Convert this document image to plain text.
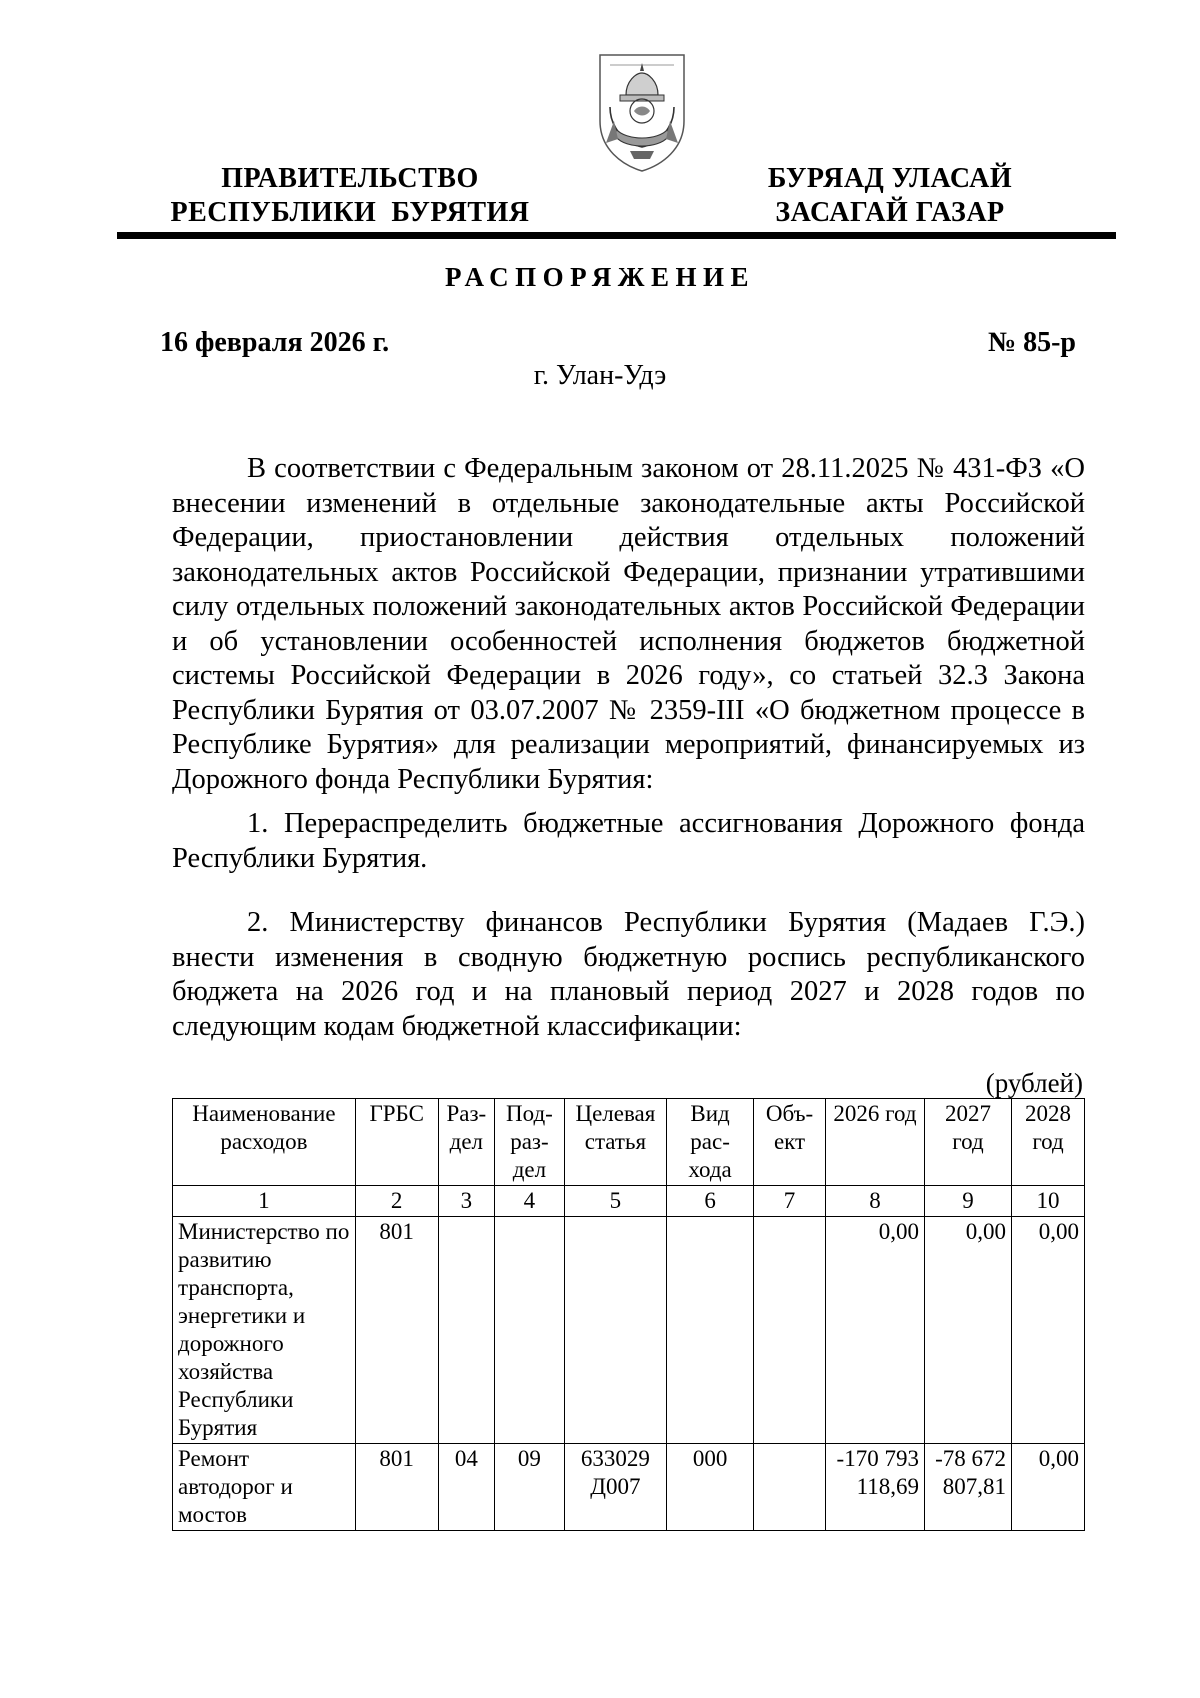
ПРАВИТЕЛЬСТВО
РЕСПУБЛИКИ  БУРЯТИЯ
БУРЯАД УЛАСАЙ
ЗАСАГАЙ ГАЗАР
РАСПОРЯЖЕНИЕ
16 февраля 2026 г.	№ 85-р
г. Улан-Удэ

В соответствии с Федеральным законом от 28.11.2025 № 431-ФЗ «О внесении изменений в отдельные законодательные акты Российской Федерации, приостановлении действия отдельных положений законодательных актов Российской Федерации, признании утратившими силу отдельных положений законодательных актов Российской Федерации и об установлении особенностей исполнения бюджетов бюджетной системы Российской Федерации в 2026 году», со статьей 32.3 Закона Республики Бурятия от 03.07.2007 № 2359-III «О бюджетном процессе в Республике Бурятия» для реализации мероприятий, финансируемых из Дорожного фонда Республики Бурятия:

1. Перераспределить бюджетные ассигнования Дорожного фонда Республики Бурятия.

2. Министерству финансов Республики Бурятия (Мадаев Г.Э.) внести изменения в сводную бюджетную роспись республиканского бюджета на 2026 год и на плановый период 2027 и 2028 годов по следующим кодам бюджетной классификации:

(рублей)
Наименование расходов	ГРБС	Раз-дел	Под-раз-дел	Целевая статья	Вид рас-хода	Объ-ект	2026 год	2027 год	2028 год
1	2	3	4	5	6	7	8	9	10
Министерство по развитию транспорта, энергетики и дорожного хозяйства Республики Бурятия	801						0,00	0,00	0,00
Ремонт автодорог и мостов	801	04	09	633029 Д007	000		-170 793 118,69	-78 672 807,81	0,00
